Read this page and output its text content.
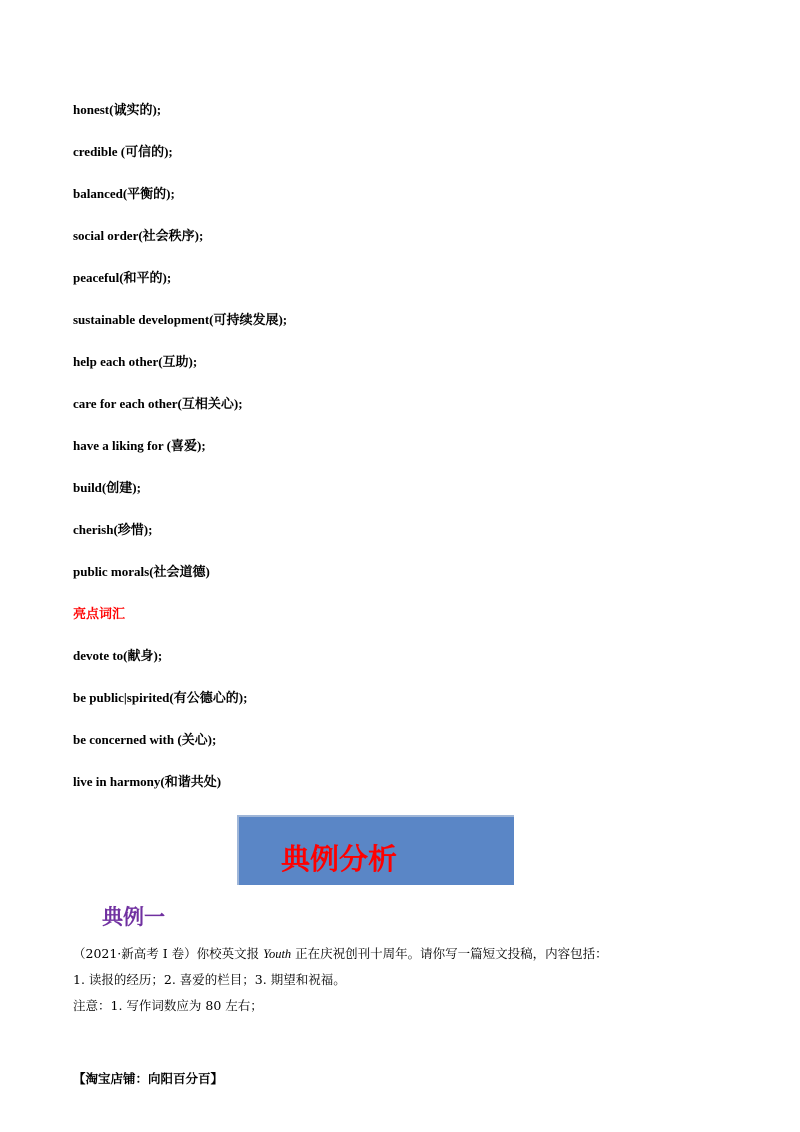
honest(诚实的);
credible (可信的);
balanced(平衡的);
social order(社会秩序);
peaceful(和平的);
sustainable development(可持续发展);
help each other(互助);
care for each other(互相关心);
have a liking for (喜爱);
build(创建);
cherish(珍惜);
public morals(社会道德)
亮点词汇
devote to(献身);
be public|spirited(有公德心的);
be concerned with (关心);
live in harmony(和谐共处)
典例分析
典例一
（2021·新高考 I 卷）你校英文报 Youth 正在庆祝创刊十周年。请你写一篇短文投稿，内容包括：
1. 读报的经历；2. 喜爱的栏目；3. 期望和祝福。
注意：1. 写作词数应为 80 左右；
【淘宝店铺：向阳百分百】
